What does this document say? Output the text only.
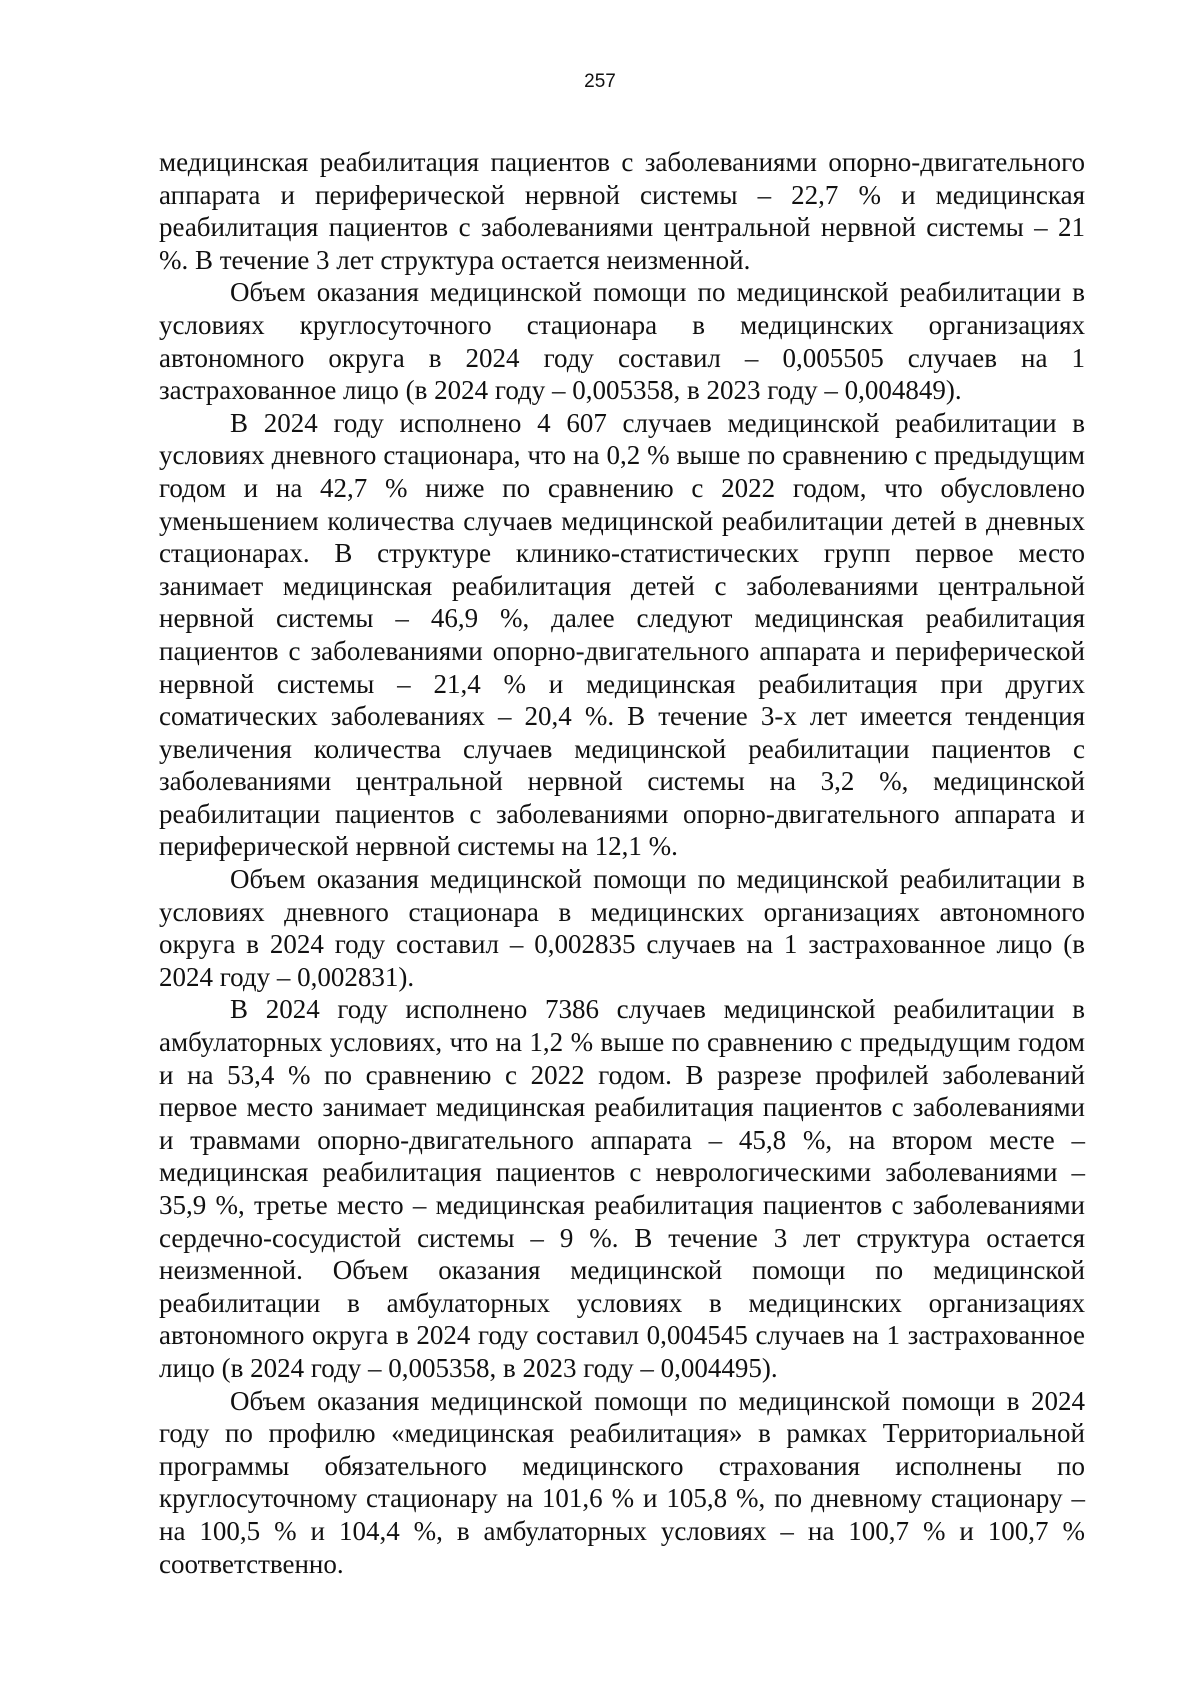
257

медицинская реабилитация пациентов с заболеваниями опорно-двигательного аппарата и периферической нервной системы – 22,7 % и медицинская реабилитация пациентов с заболеваниями центральной нервной системы – 21 %. В течение 3 лет структура остается неизменной.

Объем оказания медицинской помощи по медицинской реабилитации в условиях круглосуточного стационара в медицинских организациях автономного округа в 2024 году составил – 0,005505 случаев на 1 застрахованное лицо (в 2024 году – 0,005358, в 2023 году – 0,004849).

В 2024 году исполнено 4 607 случаев медицинской реабилитации в условиях дневного стационара, что на 0,2 % выше по сравнению с предыдущим годом и на 42,7 % ниже по сравнению с 2022 годом, что обусловлено уменьшением количества случаев медицинской реабилитации детей в дневных стационарах. В структуре клинико-статистических групп первое место занимает медицинская реабилитация детей с заболеваниями центральной нервной системы – 46,9 %, далее следуют медицинская реабилитация пациентов с заболеваниями опорно-двигательного аппарата и периферической нервной системы – 21,4 % и медицинская реабилитация при других соматических заболеваниях – 20,4 %. В течение 3-х лет имеется тенденция увеличения количества случаев медицинской реабилитации пациентов с заболеваниями центральной нервной системы на 3,2 %, медицинской реабилитации пациентов с заболеваниями опорно-двигательного аппарата и периферической нервной системы на 12,1 %.

Объем оказания медицинской помощи по медицинской реабилитации в условиях дневного стационара в медицинских организациях автономного округа в 2024 году составил – 0,002835 случаев на 1 застрахованное лицо (в 2024 году – 0,002831).

В 2024 году исполнено 7386 случаев медицинской реабилитации в амбулаторных условиях, что на 1,2 % выше по сравнению с предыдущим годом и на 53,4 % по сравнению с 2022 годом. В разрезе профилей заболеваний первое место занимает медицинская реабилитация пациентов с заболеваниями и травмами опорно-двигательного аппарата – 45,8 %, на втором месте – медицинская реабилитация пациентов с неврологическими заболеваниями – 35,9 %, третье место – медицинская реабилитация пациентов с заболеваниями сердечно-сосудистой системы – 9 %. В течение 3 лет структура остается неизменной. Объем оказания медицинской помощи по медицинской реабилитации в амбулаторных условиях в медицинских организациях автономного округа в 2024 году составил 0,004545 случаев на 1 застрахованное лицо (в 2024 году – 0,005358, в 2023 году – 0,004495).

Объем оказания медицинской помощи по медицинской помощи в 2024 году по профилю «медицинская реабилитация» в рамках Территориальной программы обязательного медицинского страхования исполнены по круглосуточному стационару на 101,6 % и 105,8 %, по дневному стационару – на 100,5 % и 104,4 %, в амбулаторных условиях – на 100,7 % и 100,7 % соответственно.
